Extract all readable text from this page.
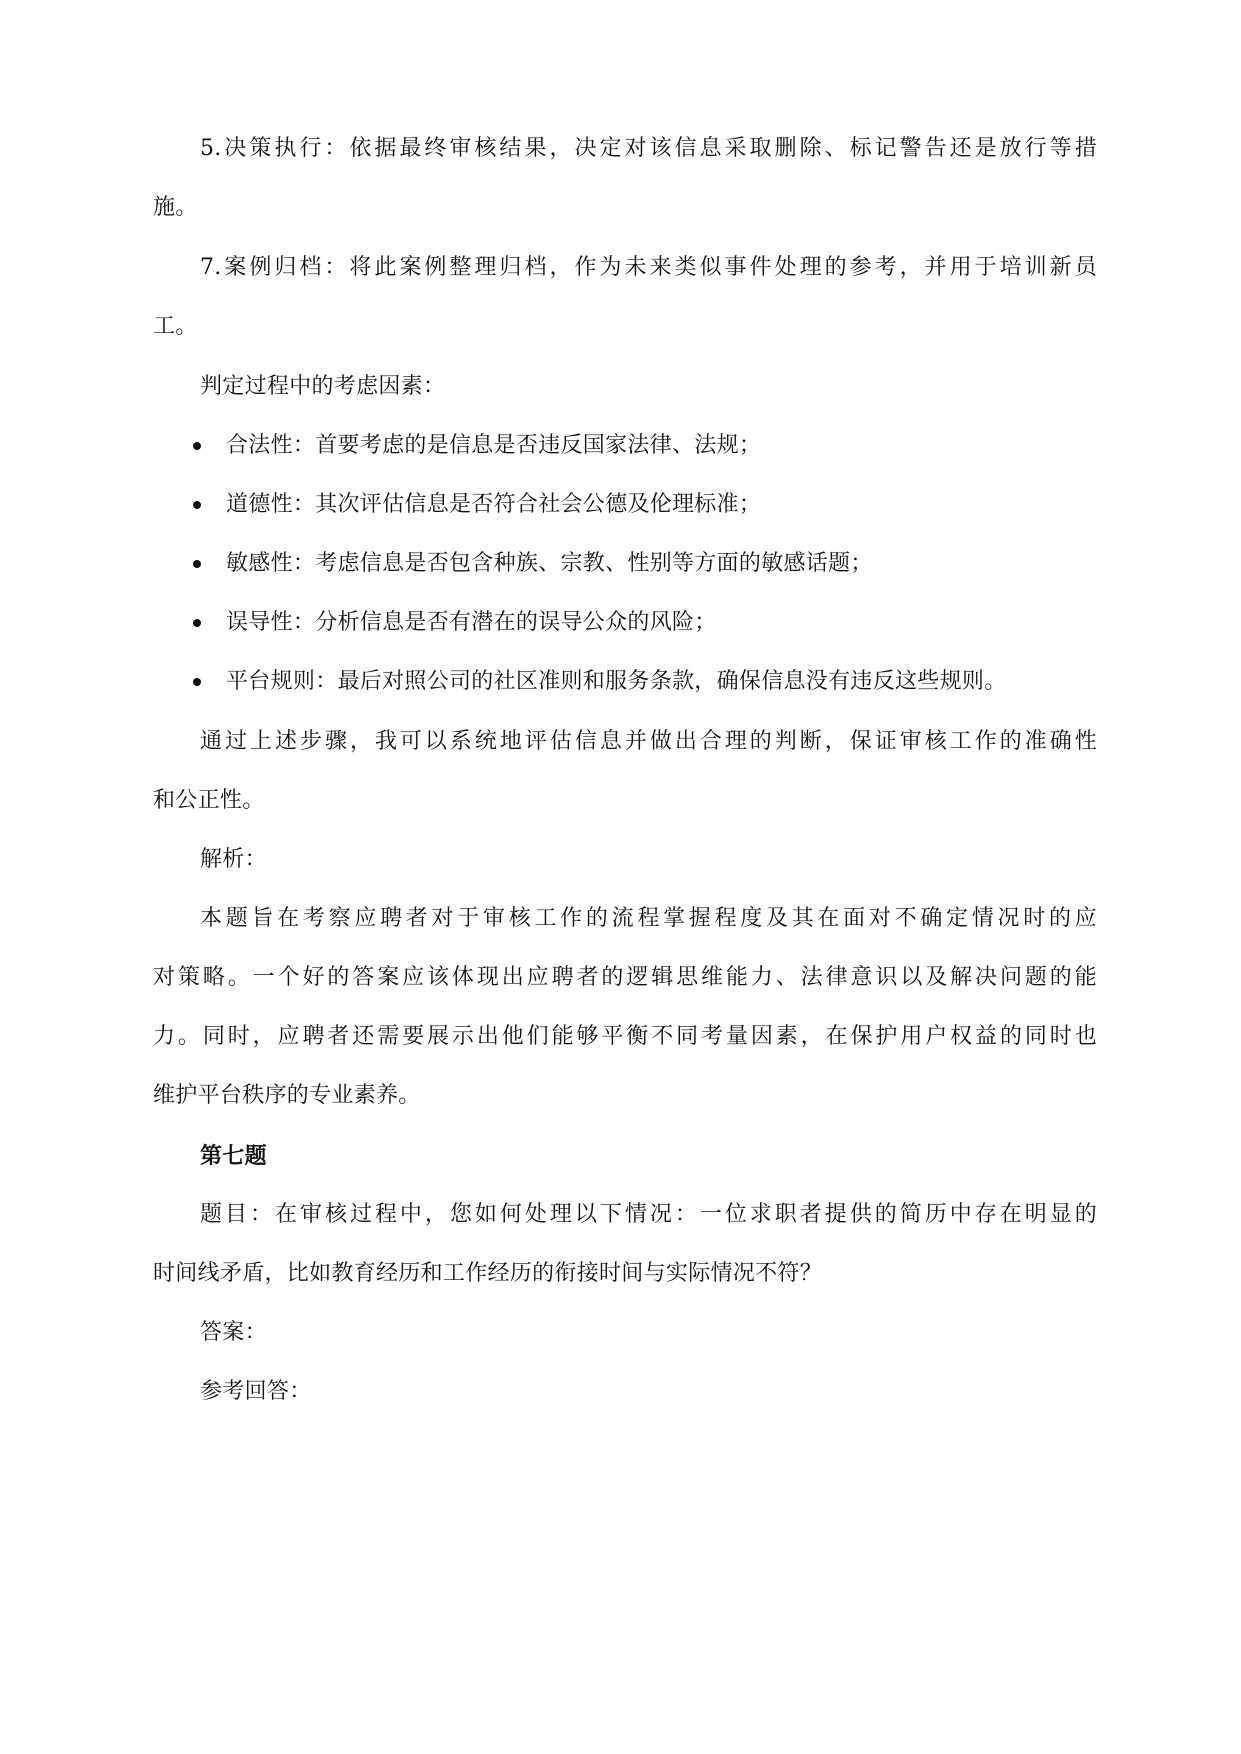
5.决策执行：依据最终审核结果，决定对该信息采取删除、标记警告还是放行等措
施。
7.案例归档：将此案例整理归档，作为未来类似事件处理的参考，并用于培训新员
工。
判定过程中的考虑因素：
合法性：首要考虑的是信息是否违反国家法律、法规；
道德性：其次评估信息是否符合社会公德及伦理标准；
敏感性：考虑信息是否包含种族、宗教、性别等方面的敏感话题；
误导性：分析信息是否有潜在的误导公众的风险；
平台规则：最后对照公司的社区准则和服务条款，确保信息没有违反这些规则。
通过上述步骤，我可以系统地评估信息并做出合理的判断，保证审核工作的准确性
和公正性。
解析：
本题旨在考察应聘者对于审核工作的流程掌握程度及其在面对不确定情况时的应
对策略。一个好的答案应该体现出应聘者的逻辑思维能力、法律意识以及解决问题的能
力。同时，应聘者还需要展示出他们能够平衡不同考量因素，在保护用户权益的同时也
维护平台秩序的专业素养。
第七题
题目：在审核过程中，您如何处理以下情况：一位求职者提供的简历中存在明显的
时间线矛盾，比如教育经历和工作经历的衔接时间与实际情况不符？
答案：
参考回答：
